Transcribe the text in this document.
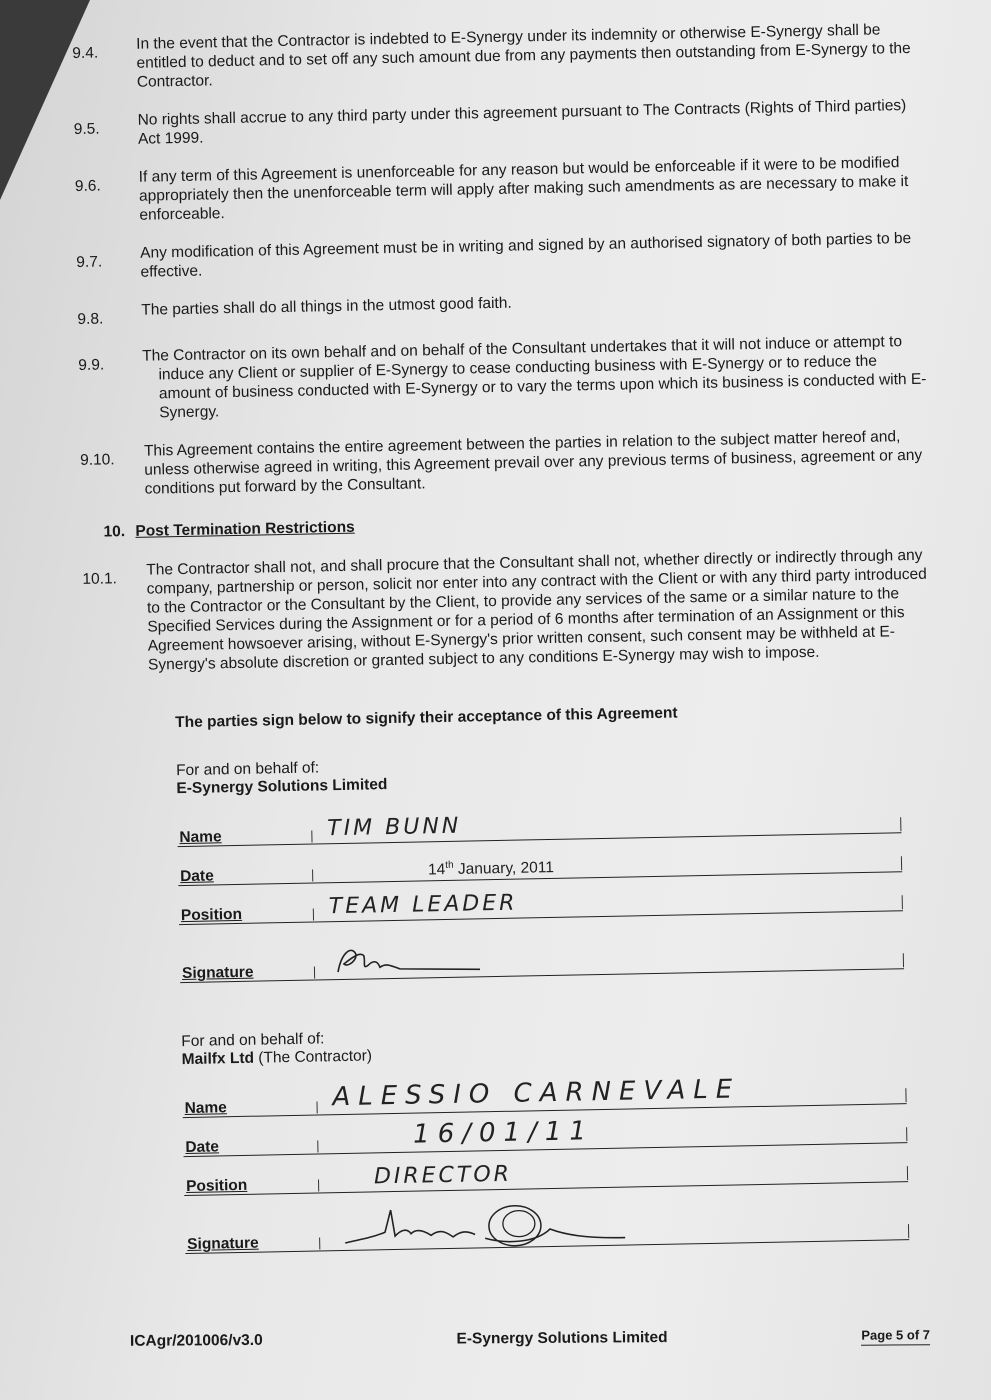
9.4.
In the event that the Contractor is indebted to E-Synergy under its indemnity or otherwise E-Synergy shall be entitled to deduct and to set off any such amount due from any payments then outstanding from E-Synergy to the Contractor.
9.5.
No rights shall accrue to any third party under this agreement pursuant to The Contracts (Rights of Third parties) Act 1999.
9.6.
If any term of this Agreement is unenforceable for any reason but would be enforceable if it were to be modified appropriately then the unenforceable term will apply after making such amendments as are necessary to make it enforceable.
9.7.
Any modification of this Agreement must be in writing and signed by an authorised signatory of both parties to be effective.
9.8.
The parties shall do all things in the utmost good faith.
9.9.
The Contractor on its own behalf and on behalf of the Consultant undertakes that it will not induce or attempt to induce any Client or supplier of E-Synergy to cease conducting business with E-Synergy or to reduce the amount of business conducted with E-Synergy or to vary the terms upon which its business is conducted with E-Synergy.
9.10.
This Agreement contains the entire agreement between the parties in relation to the subject matter hereof and, unless otherwise agreed in writing, this Agreement prevail over any previous terms of business, agreement or any conditions put forward by the Consultant.
10. Post Termination Restrictions
10.1.
The Contractor shall not, and shall procure that the Consultant shall not, whether directly or indirectly through any company, partnership or person, solicit nor enter into any contract with the Client or with any third party introduced to the Contractor or the Consultant by the Client, to provide any services of the same or a similar nature to the Specified Services during the Assignment or for a period of 6 months after termination of an Assignment or this Agreement howsoever arising, without E-Synergy's prior written consent, such consent may be withheld at E-Synergy's absolute discretion or granted subject to any conditions E-Synergy may wish to impose.
The parties sign below to signify their acceptance of this Agreement
For and on behalf of:
E-Synergy Solutions Limited
Name	TIM BUNN
Date	14th January, 2011
Position	TEAM LEADER
Signature
For and on behalf of:
Mailfx Ltd (The Contractor)
Name	ALESSIO CARNEVALE
Date	16/01/11
Position	DIRECTOR
Signature
ICAgr/201006/v3.0	E-Synergy Solutions Limited	Page 5 of 7
